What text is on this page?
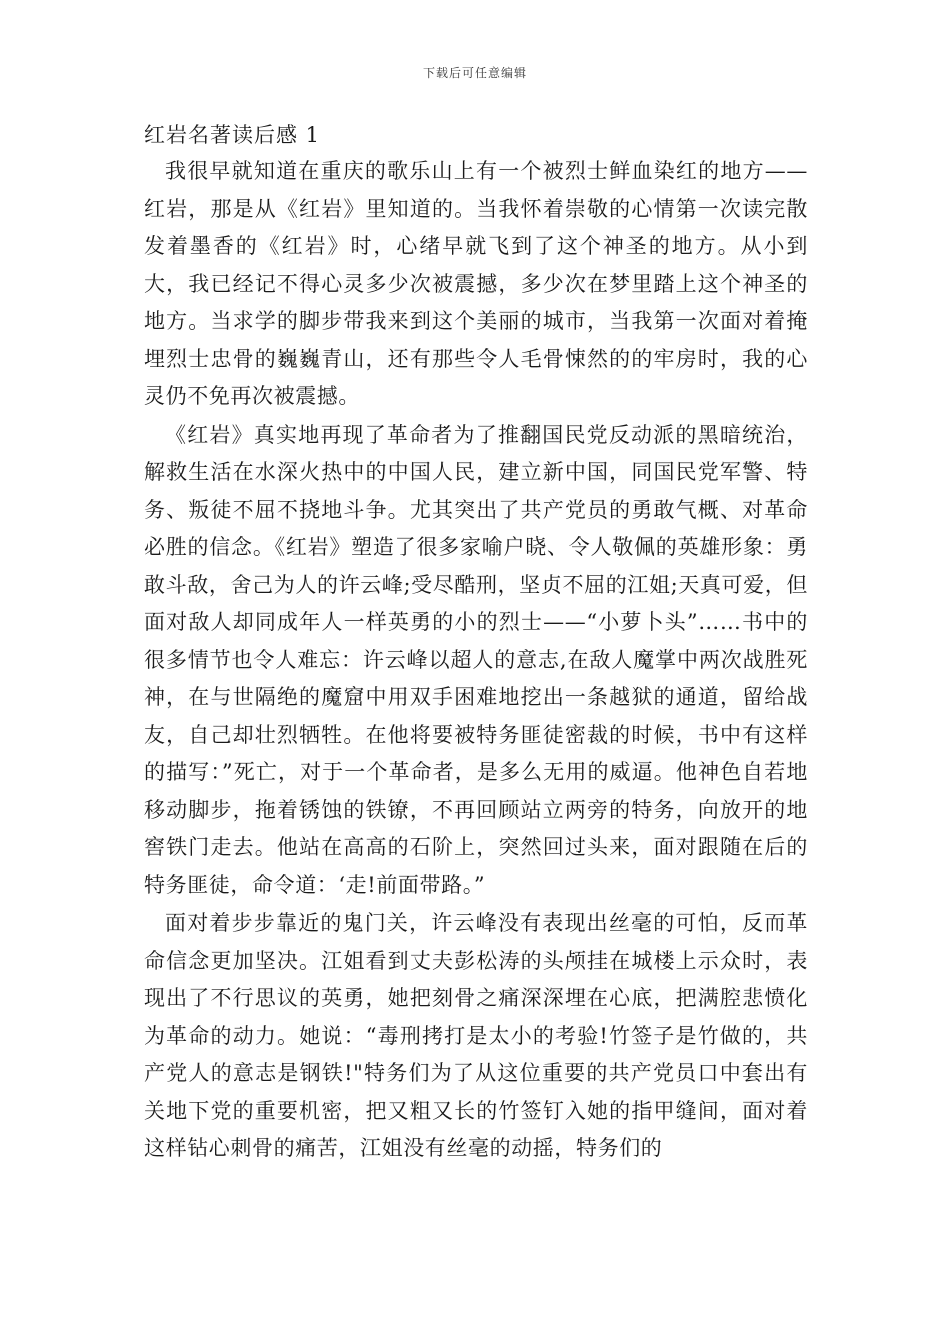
下载后可任意编辑
红岩名著读后感 1

我很早就知道在重庆的歌乐山上有一个被烈士鲜血染红的地方——红岩，那是从《红岩》里知道的。当我怀着崇敬的心情第一次读完散发着墨香的《红岩》时，心绪早就飞到了这个神圣的地方。从小到大，我已经记不得心灵多少次被震撼，多少次在梦里踏上这个神圣的地方。当求学的脚步带我来到这个美丽的城市，当我第一次面对着掩埋烈士忠骨的巍巍青山，还有那些令人毛骨悚然的的牢房时，我的心灵仍不免再次被震撼。

《红岩》真实地再现了革命者为了推翻国民党反动派的黑暗统治，解救生活在水深火热中的中国人民，建立新中国，同国民党军警、特务、叛徒不屈不挠地斗争。尤其突出了共产党员的勇敢气概、对革命必胜的信念。《红岩》塑造了很多家喻户晓、令人敬佩的英雄形象：勇敢斗敌，舍己为人的许云峰;受尽酷刑，坚贞不屈的江姐;天真可爱，但面对敌人却同成年人一样英勇的小的烈士——“小萝卜头”……书中的很多情节也令人难忘：许云峰以超人的意志,在敌人魔掌中两次战胜死神，在与世隔绝的魔窟中用双手困难地挖出一条越狱的通道，留给战友，自己却壮烈牺牲。在他将要被特务匪徒密裁的时候，书中有这样的描写：”死亡，对于一个革命者，是多么无用的威逼。他神色自若地移动脚步，拖着锈蚀的铁镣，不再回顾站立两旁的特务，向放开的地窖铁门走去。他站在高高的石阶上，突然回过头来，面对跟随在后的特务匪徒，命令道：‘走!前面带路。”

面对着步步靠近的鬼门关，许云峰没有表现出丝毫的可怕，反而革命信念更加坚决。江姐看到丈夫彭松涛的头颅挂在城楼上示众时，表现出了不行思议的英勇，她把刻骨之痛深深埋在心底，把满腔悲愤化为革命的动力。她说：“毒刑拷打是太小的考验!竹签子是竹做的，共产党人的意志是钢铁!"特务们为了从这位重要的共产党员口中套出有关地下党的重要机密，把又粗又长的竹签钉入她的指甲缝间，面对着这样钻心刺骨的痛苦，江姐没有丝毫的动摇，特务们的
